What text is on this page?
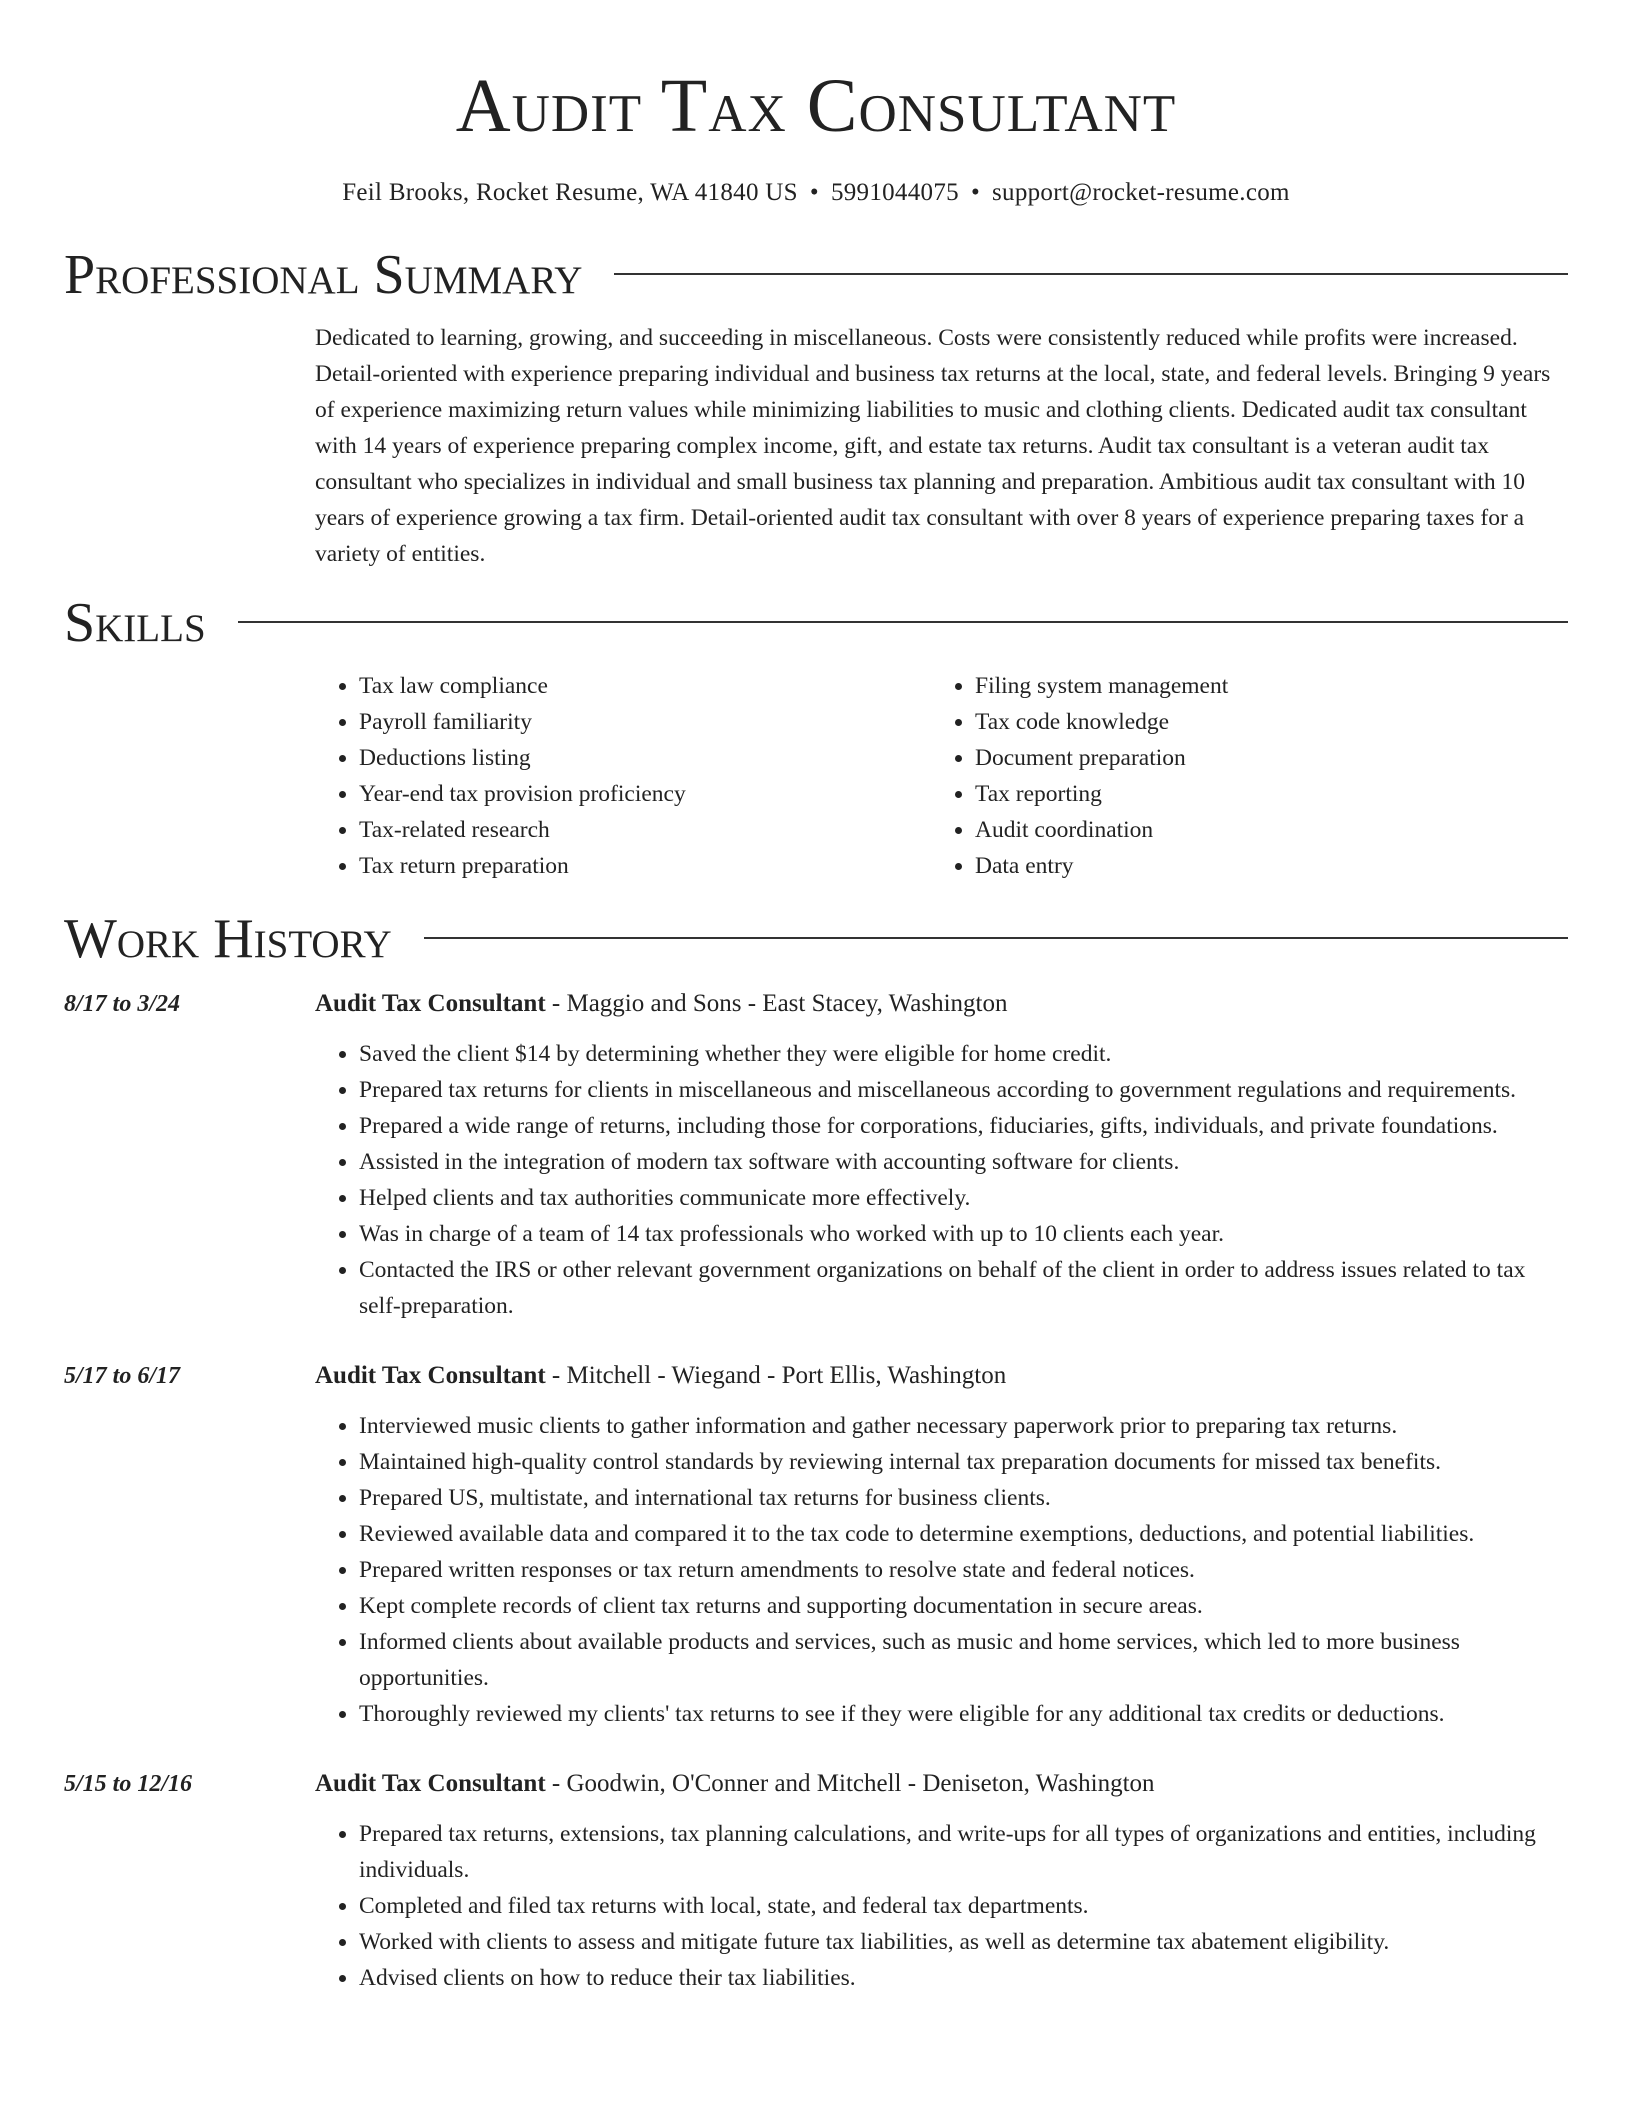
Audit Tax Consultant
Feil Brooks, Rocket Resume, WA 41840 US • 5991044075 • support@rocket-resume.com
Professional Summary

Dedicated to learning, growing, and succeeding in miscellaneous. Costs were consistently reduced while profits were increased. Detail-oriented with experience preparing individual and business tax returns at the local, state, and federal levels. Bringing 9 years of experience maximizing return values while minimizing liabilities to music and clothing clients. Dedicated audit tax consultant with 14 years of experience preparing complex income, gift, and estate tax returns. Audit tax consultant is a veteran audit tax consultant who specializes in individual and small business tax planning and preparation. Ambitious audit tax consultant with 10 years of experience growing a tax firm. Detail-oriented audit tax consultant with over 8 years of experience preparing taxes for a variety of entities.

Skills
• Tax law compliance
• Payroll familiarity
• Deductions listing
• Year-end tax provision proficiency
• Tax-related research
• Tax return preparation
• Filing system management
• Tax code knowledge
• Document preparation
• Tax reporting
• Audit coordination
• Data entry
Work History
8/17 to 3/24	Audit Tax Consultant - Maggio and Sons - East Stacey, Washington
• Saved the client $14 by determining whether they were eligible for home credit.
• Prepared tax returns for clients in miscellaneous and miscellaneous according to government regulations and requirements.
• Prepared a wide range of returns, including those for corporations, fiduciaries, gifts, individuals, and private foundations.
• Assisted in the integration of modern tax software with accounting software for clients.
• Helped clients and tax authorities communicate more effectively.
• Was in charge of a team of 14 tax professionals who worked with up to 10 clients each year.
• Contacted the IRS or other relevant government organizations on behalf of the client in order to address issues related to tax self-preparation.
5/17 to 6/17	Audit Tax Consultant - Mitchell - Wiegand - Port Ellis, Washington
• Interviewed music clients to gather information and gather necessary paperwork prior to preparing tax returns.
• Maintained high-quality control standards by reviewing internal tax preparation documents for missed tax benefits.
• Prepared US, multistate, and international tax returns for business clients.
• Reviewed available data and compared it to the tax code to determine exemptions, deductions, and potential liabilities.
• Prepared written responses or tax return amendments to resolve state and federal notices.
• Kept complete records of client tax returns and supporting documentation in secure areas.
• Informed clients about available products and services, such as music and home services, which led to more business opportunities.
• Thoroughly reviewed my clients' tax returns to see if they were eligible for any additional tax credits or deductions.
5/15 to 12/16	Audit Tax Consultant - Goodwin, O'Conner and Mitchell - Deniseton, Washington
• Prepared tax returns, extensions, tax planning calculations, and write-ups for all types of organizations and entities, including individuals.
• Completed and filed tax returns with local, state, and federal tax departments.
• Worked with clients to assess and mitigate future tax liabilities, as well as determine tax abatement eligibility.
• Advised clients on how to reduce their tax liabilities.
